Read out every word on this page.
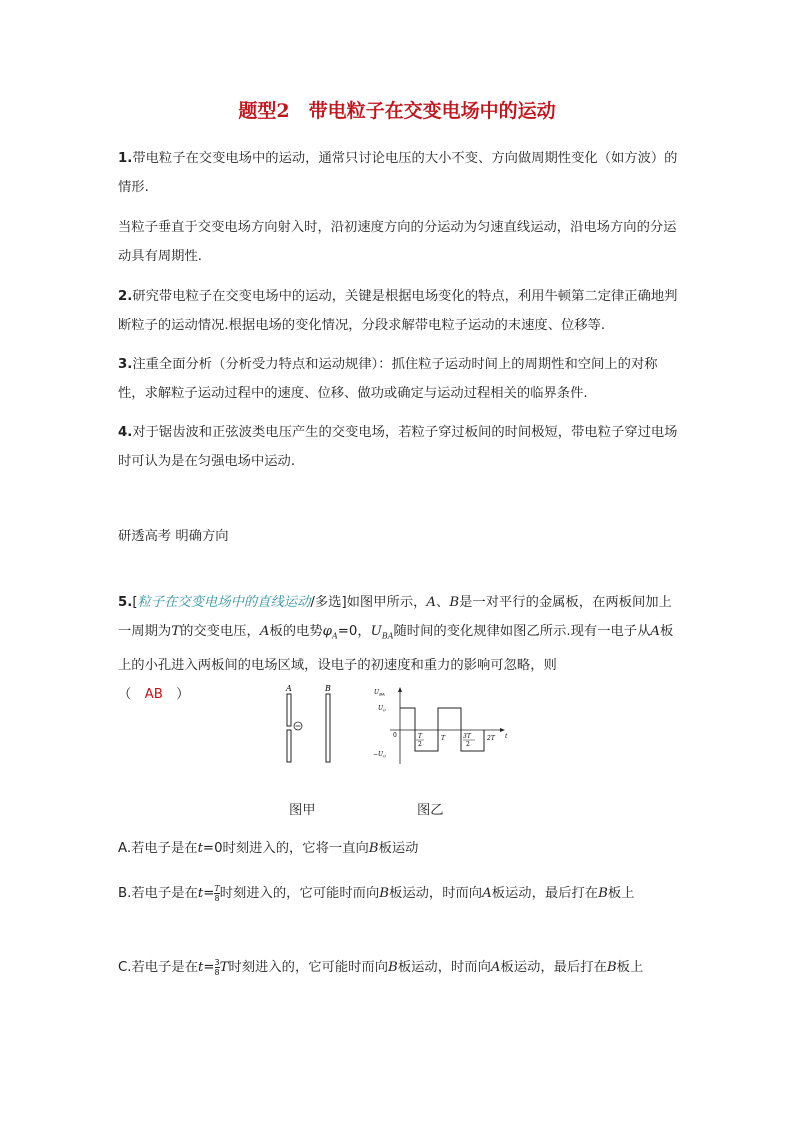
题型2　带电粒子在交变电场中的运动
1.带电粒子在交变电场中的运动，通常只讨论电压的大小不变、方向做周期性变化（如方波）的情形.
当粒子垂直于交变电场方向射入时，沿初速度方向的分运动为匀速直线运动，沿电场方向的分运动具有周期性.
2.研究带电粒子在交变电场中的运动，关键是根据电场变化的特点，利用牛顿第二定律正确地判断粒子的运动情况.根据电场的变化情况，分段求解带电粒子运动的末速度、位移等.
3.注重全面分析（分析受力特点和运动规律）：抓住粒子运动时间上的周期性和空间上的对称性，求解粒子运动过程中的速度、位移、做功或确定与运动过程相关的临界条件.
4.对于锯齿波和正弦波类电压产生的交变电场，若粒子穿过板间的时间极短，带电粒子穿过电场时可认为是在匀强电场中运动.
研透高考 明确方向
5.[粒子在交变电场中的直线运动/多选]如图甲所示，A、B是一对平行的金属板，在两板间加上一周期为T的交变电压，A板的电势$\varphi_A=0$，$U_{BA}$随时间的变化规律如图乙所示.现有一电子从A板上的小孔进入两板间的电场区域，设电子的初速度和重力的影响可忽略，则
（　AB　）	A	B	$U_{BA}$
$U_0$
0
$-U_0$
T
2
T	3T
2
2T t
图甲	图乙
A.若电子是在t=0时刻进入的，它将一直向B板运动
B.若电子是在$t= \frac{T}{8}$ 时刻进入的，它可能时而向B板运动，时而向A板运动，最后打在B板上
C.若电子是在$t= \frac{3}{8}$ T时刻进入的，它可能时而向B板运动，时而向A板运动，最后打在B板上
